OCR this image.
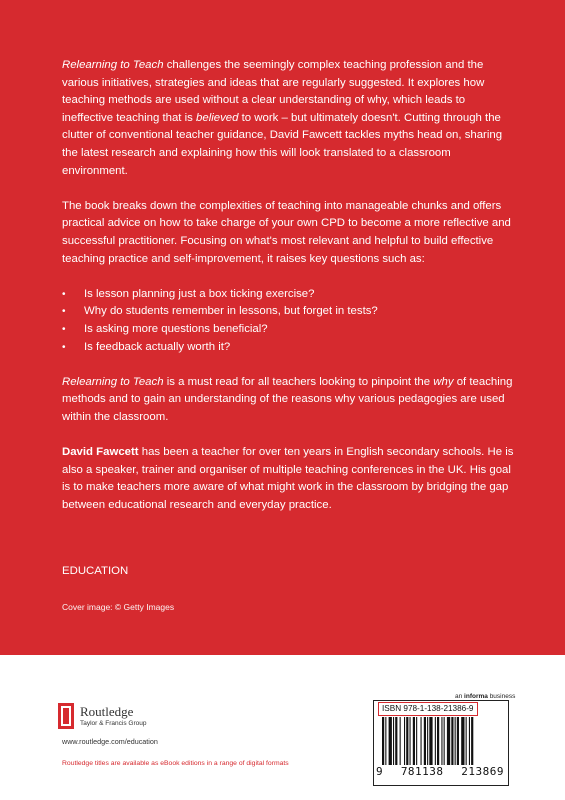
Relearning to Teach challenges the seemingly complex teaching profession and the various initiatives, strategies and ideas that are regularly suggested. It explores how teaching methods are used without a clear understanding of why, which leads to ineffective teaching that is believed to work – but ultimately doesn't. Cutting through the clutter of conventional teacher guidance, David Fawcett tackles myths head on, sharing the latest research and explaining how this will look translated to a classroom environment.

The book breaks down the complexities of teaching into manageable chunks and offers practical advice on how to take charge of your own CPD to become a more reflective and successful practitioner. Focusing on what's most relevant and helpful to build effective teaching practice and self-improvement, it raises key questions such as:

• Is lesson planning just a box ticking exercise?
• Why do students remember in lessons, but forget in tests?
• Is asking more questions beneficial?
• Is feedback actually worth it?

Relearning to Teach is a must read for all teachers looking to pinpoint the why of teaching methods and to gain an understanding of the reasons why various pedagogies are used within the classroom.

David Fawcett has been a teacher for over ten years in English secondary schools. He is also a speaker, trainer and organiser of multiple teaching conferences in the UK. His goal is to make teachers more aware of what might work in the classroom by bridging the gap between educational research and everyday practice.

EDUCATION
Cover image: © Getty Images
Routledge
Taylor & Francis Group
www.routledge.com/education
Routledge titles are available as eBook editions in a range of digital formats
an informa business
ISBN 978-1-138-21386-9
9 781138 213869
